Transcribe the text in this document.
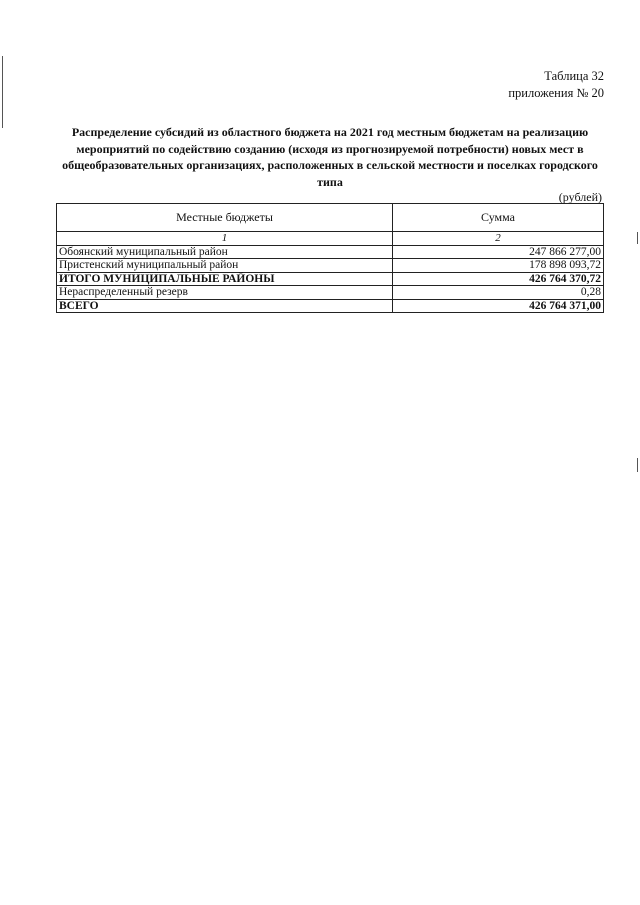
Таблица 32
приложения № 20
Распределение субсидий из областного бюджета на 2021 год местным бюджетам на реализацию мероприятий по содействию созданию (исходя из прогнозируемой потребности) новых мест в общеобразовательных организациях, расположенных в сельской местности и поселках городского типа
(рублей)
Местные бюджеты	Сумма
1	2
Обоянский муниципальный район	247 866 277,00
Пристенский муниципальный район	178 898 093,72
ИТОГО МУНИЦИПАЛЬНЫЕ РАЙОНЫ	426 764 370,72
Нераспределенный резерв	0,28
ВСЕГО	426 764 371,00
